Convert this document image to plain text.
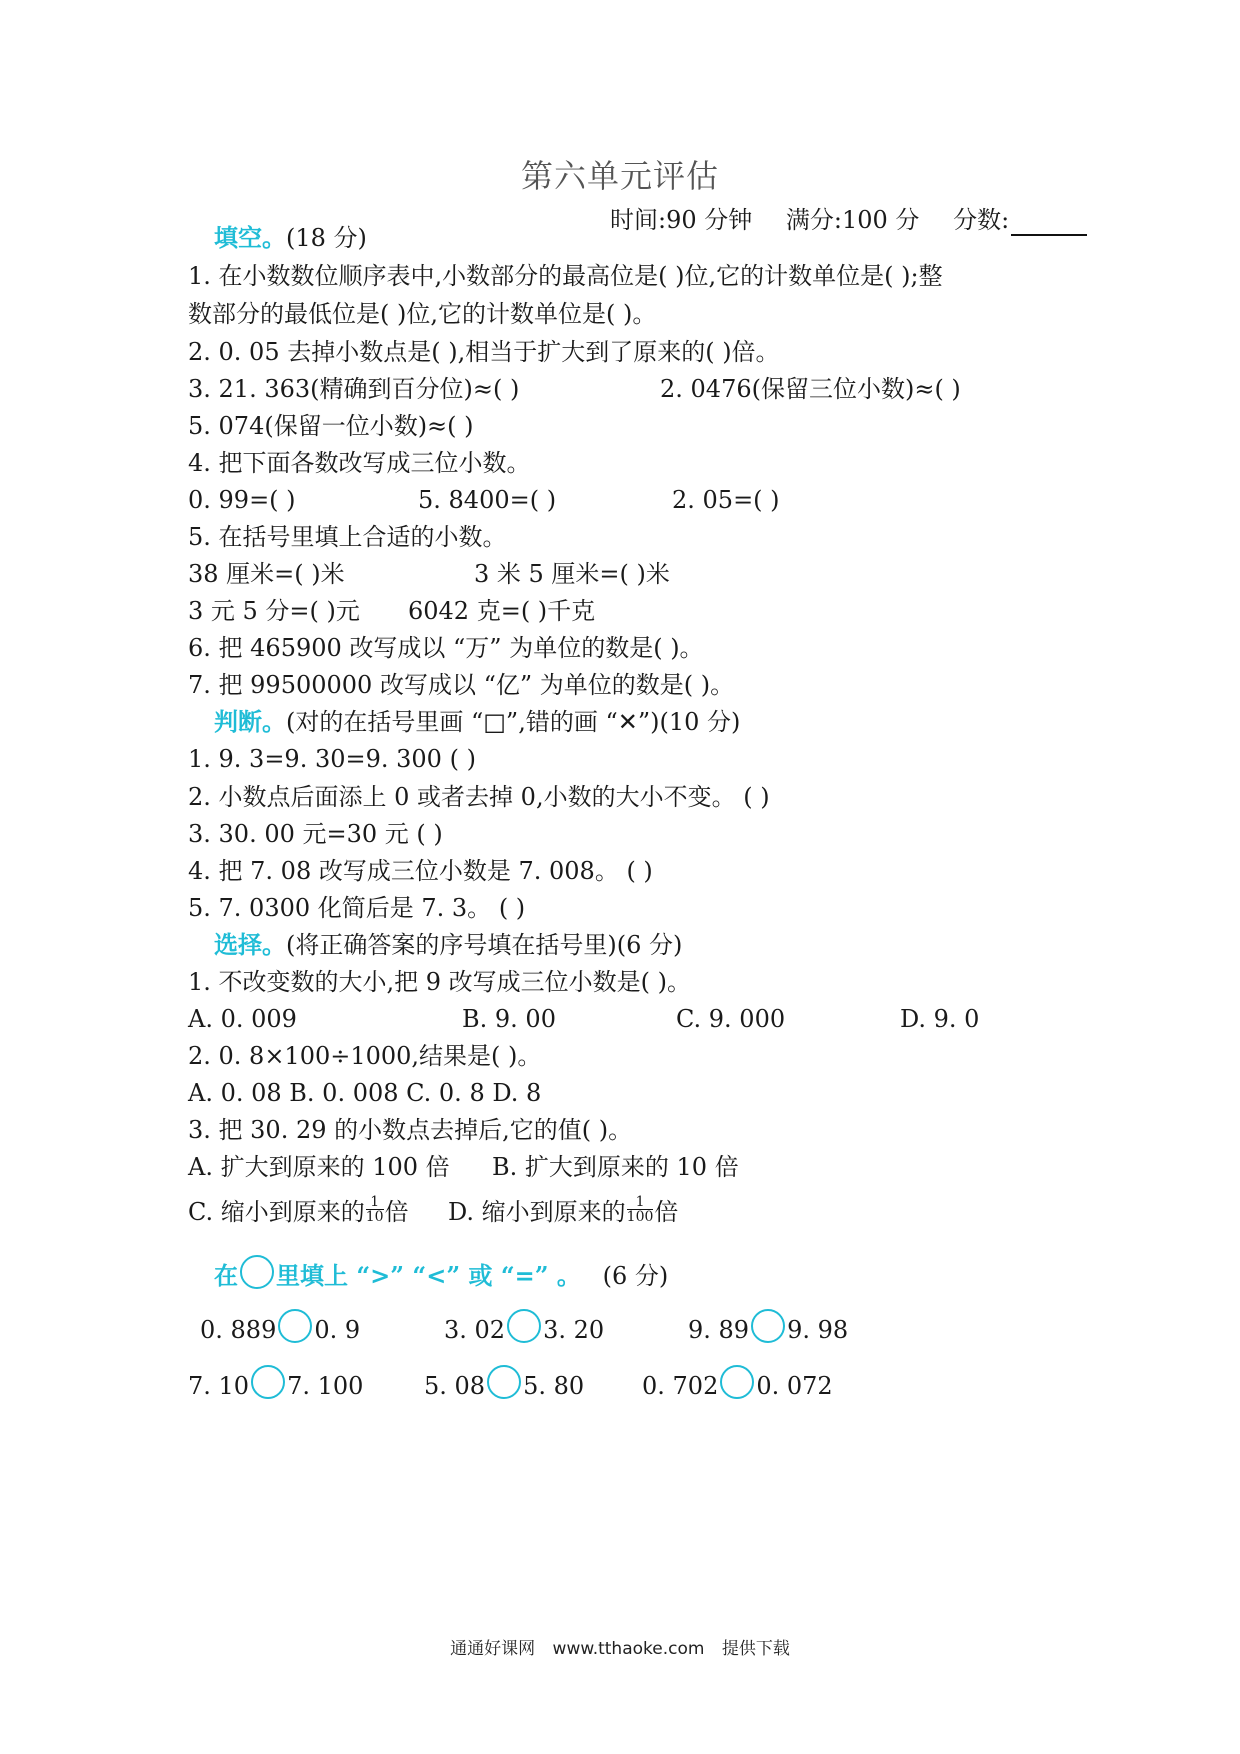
第六单元评估
时间:90 分钟 满分:100 分 分数:
填空。(18 分)
1. 在小数数位顺序表中,小数部分的最高位是( )位,它的计数单位是( );整
数部分的最低位是( )位,它的计数单位是( )。
2. 0. 05 去掉小数点是( ),相当于扩大到了原来的( )倍。
3. 21. 363(精确到百分位)≈( )	2. 0476(保留三位小数)≈( )
5. 074(保留一位小数)≈( )
4. 把下面各数改写成三位小数。
0. 99=( )	5. 8400=( )	2. 05=( )
5. 在括号里填上合适的小数。
38 厘米=( )米	3 米 5 厘米=( )米
3 元 5 分=( )元 6042 克=( )千克
6. 把 465900 改写成以 “万” 为单位的数是( )。
7. 把 99500000 改写成以 “亿” 为单位的数是( )。
判断。(对的在括号里画 “□”,错的画 “✕”)(10 分)
1. 9. 3=9. 30=9. 300 ( )
2. 小数点后面添上 0 或者去掉 0,小数的大小不变。 ( )
3. 30. 00 元=30 元 ( )
4. 把 7. 08 改写成三位小数是 7. 008。 ( )
5. 7. 0300 化简后是 7. 3。 ( )
选择。(将正确答案的序号填在括号里)(6 分)
1. 不改变数的大小,把 9 改写成三位小数是( )。
A. 0. 009	B. 9. 00	C. 9. 000	D. 9. 0
2. 0. 8×100÷1000,结果是( )。
A. 0. 08 B. 0. 008 C. 0. 8 D. 8
3. 把 30. 29 的小数点去掉后,它的值( )。
A. 扩大到原来的 100 倍 B. 扩大到原来的 10 倍
C. 缩小到原来的 $\frac{1}{10}$ 倍 D. 缩小到原来的 $\frac{1}{100}$ 倍
在 里填上 “>” “<” 或 “=” 。 (6 分)
0. 889 0. 9	3. 02 3. 20	9. 89 9. 98
7. 10 7. 100	5. 08 5. 80 0. 702 0. 072
通通好课网 www.tthaoke.com 提供下载
